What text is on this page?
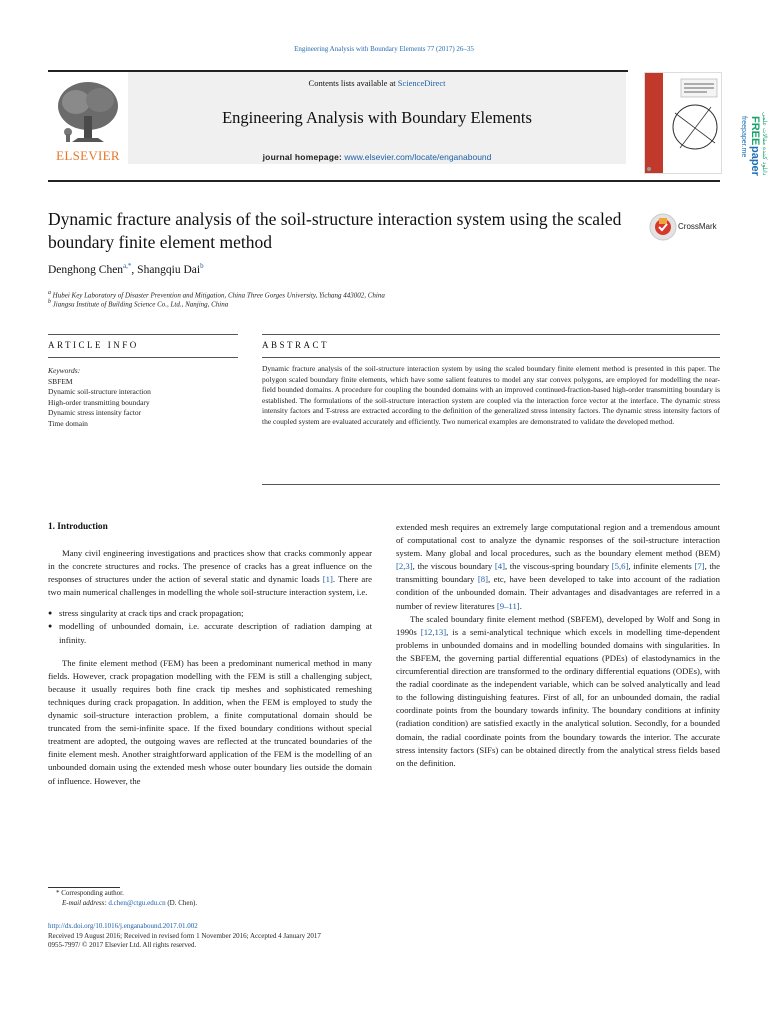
Engineering Analysis with Boundary Elements 77 (2017) 26–35
Contents lists available at ScienceDirect
Engineering Analysis with Boundary Elements
journal homepage: www.elsevier.com/locate/enganabound
ELSEVIER
FREE
paper
freepaper.me دانلود کننده مقالات علمی
Dynamic fracture analysis of the soil-structure interaction system using the scaled boundary finite element method
CrossMark
Denghong Chen$^{a,*}$, Shangqiu Dai$^b$
$^a$ Hubei Key Laboratory of Disaster Prevention and Mitigation, China Three Gorges University, Yichang 443002, China
$^b$ Jiangsu Institute of Building Science Co., Ltd., Nanjing, China
ARTICLE INFO	ABSTRACT
Keywords:
SBFEM
Dynamic soil-structure interaction
High-order transmitting boundary
Dynamic stress intensity factor
Time domain
Dynamic fracture analysis of the soil-structure interaction system by using the scaled boundary finite element method is presented in this paper. The polygon scaled boundary finite elements, which have some salient features to model any star convex polygons, are employed for modelling the near-field bounded domains. A procedure for coupling the bounded domains with an improved continued-fraction-based high-order transmitting boundary is established. The formulations of the soil-structure interaction system are coupled via the interaction force vector at the interface. The dynamic stress intensity factors and T-stress are extracted according to the definition of the generalized stress intensity factors. The dynamic stress intensity factors of the coupled system are evaluated accurately and efficiently. Two numerical examples are demonstrated to validate the developed method.
1. Introduction

Many civil engineering investigations and practices show that cracks commonly appear in the concrete structures and rocks. The presence of cracks has a great influence on the responses of structures under the action of several static and dynamic loads [1]. There are two main numerical challenges in modelling the whole soil-structure interaction system, i.e.

● stress singularity at crack tips and crack propagation;
● modelling of unbounded domain, i.e. accurate description of radiation damping at infinity.

The finite element method (FEM) has been a predominant numerical method in many fields. However, crack propagation modelling with the FEM is still a challenging subject, because it usually requires both fine crack tip meshes and sophisticated remeshing techniques during crack propagation. In addition, when the FEM is employed to study the dynamic soil-structure interaction problem, a finite computational domain should be truncated from the semi-infinite space. If the fixed boundary conditions without special treatment are adopted, the outgoing waves are reflected at the truncated boundaries of the finite element mesh. Another straightforward application of the FEM is the modelling of an unbounded domain using the extended mesh whose outer boundary lies outside the domain of influence. However, the

extended mesh requires an extremely large computational region and a tremendous amount of computational cost to analyze the dynamic responses of the soil-structure interaction system. Many global and local procedures, such as the boundary element method (BEM) [2,3], the viscous boundary [4], the viscous-spring boundary [5,6], infinite elements [7], the transmitting boundary [8], etc, have been developed to take into account of the radiation condition of the unbounded domain. Their advantages and disadvantages are referred in a number of review literatures [9–11].

The scaled boundary finite element method (SBFEM), developed by Wolf and Song in 1990s [12,13], is a semi-analytical technique which excels in modelling time-dependent problems in unbounded domains and in modelling bounded domains with singularities. In the SBFEM, the governing partial differential equations (PDEs) of elastodynamics in the circumferential direction are transformed to the ordinary differential equations (ODEs), with the radial coordinate as the independent variable, which can be solved analytically and lead to the following distinguishing features. First of all, for an unbounded domain, the radial coordinate points from the boundary towards infinity. The boundary conditions at infinity (radiation condition) are satisfied exactly in the analytical solution. Secondly, for a bounded domain, the radial coordinate points from the boundary towards the interior. The accurate stress intensity factors (SIFs) can be obtained directly from the analytical stress fields based on the definition.

* Corresponding author.
E-mail address: d.chen@ctgu.edu.cn (D. Chen).
http://dx.doi.org/10.1016/j.enganabound.2017.01.002
Received 19 August 2016; Received in revised form 1 November 2016; Accepted 4 January 2017
0955-7997/ © 2017 Elsevier Ltd. All rights reserved.
